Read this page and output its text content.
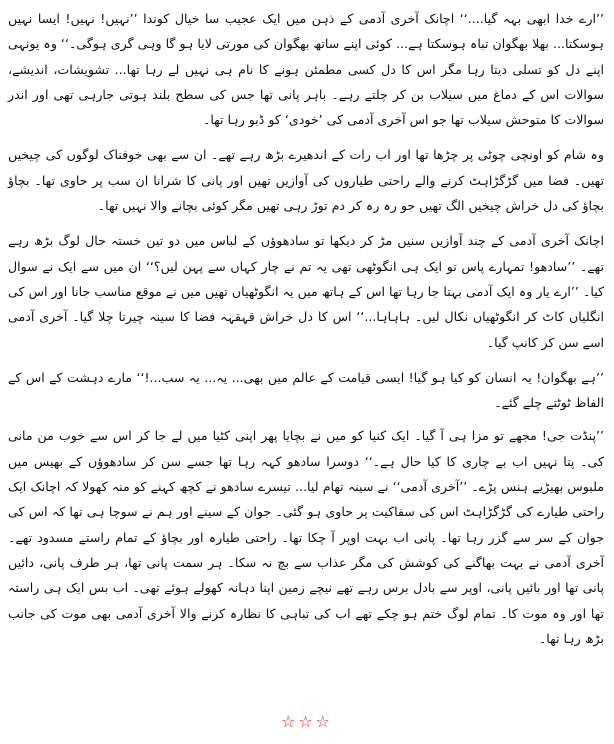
’’ارے خدا ابھی بہہ گیا....‘‘ اچانک آخری آدمی کے ذہن میں ایک عجیب سا خیال کوندا ’’نہیں! نہیں! ایسا نہیں ہوسکتا... بھلا بھگوان تباہ ہوسکتا ہے... کوئی اپنے ساتھ بھگوان کی مورتی لایا ہو گا وہی گری ہوگی۔‘‘ وہ یونہی اپنے دل کو تسلی دیتا رہا مگر اس کا دل کسی مطمئن ہونے کا نام ہی نہیں لے رہا تھا... تشویشات، اندیشے، سوالات اس کے دماغ میں سیلاب بن کر چلتے رہے۔ باہر پانی تھا جس کی سطح بلند ہوتی جارہی تھی اور اندر سوالات کا متوحش سیلاب تھا جو اس آخری آدمی کی ’خودی‘ کو ڈبو رہا تھا۔

وہ شام کو اونچی چوٹی پر چڑھا تھا اور اب رات کے اندھیرے بڑھ رہے تھے۔ ان سے بھی خوفناک لوگوں کی چیخیں تھیں۔ فضا میں گڑگڑاہٹ کرنے والے راحتی طیاروں کی آوازیں تھیں اور پانی کا شرانا ان سب پر حاوی تھا۔ بچاؤ بچاؤ کی دل خراش چیخیں الگ تھیں جو رہ رہ کر دم توڑ رہی تھیں مگر کوئی بچانے والا نہیں تھا۔

اچانک آخری آدمی کے چند آوازیں سنیں مڑ کر دیکھا تو سادھوؤں کے لباس میں دو تین خستہ حال لوگ بڑھ رہے تھے۔ ’’سادھو! تمہارے پاس تو ایک ہی انگوٹھی تھی یہ تم نے چار کہاں سے پہن لیں؟‘‘ ان میں سے ایک نے سوال کیا۔ ’’ارے یار وہ ایک آدمی بہتا جا رہا تھا اس کے ہاتھ میں یہ انگوٹھیاں تھیں میں نے موقع مناسب جانا اور اس کی انگلیاں کاٹ کر انگوٹھیاں نکال لیں۔ ہاہاہا...‘‘ اس کا دل خراش قہقہہ فضا کا سینہ چیرتا چلا گیا۔ آخری آدمی اسے سن کر کانپ گیا۔

’’ہے بھگوان! یہ انسان کو کیا ہو گیا! ایسی قیامت کے عالم میں بھی... یہ... یہ سب...!‘‘ مارے دہشت کے اس کے الفاظ ٹوٹتے چلے گئے۔

’’پنڈت جی! مجھے تو مزا ہی آ گیا۔ ایک کنیا کو میں نے بچایا پھر اپنی کٹیا میں لے جا کر اس سے خوب من مانی کی۔ پتا نہیں اب بے چاری کا کیا حال ہے۔‘‘ دوسرا سادھو کہہ رہا تھا جسے سن کر سادھوؤں کے بھیس میں ملبوس بھیڑیے ہنس پڑے۔ ’’آخری آدمی‘‘ نے سینہ تھام لیا... تیسرے سادھو نے کچھ کہنے کو منہ کھولا کہ اچانک ایک راحتی طیارے کی گڑگڑاہٹ اس کی سفاکیت پر حاوی ہو گئی۔ جوان کے سینے اور ہم نے سوچا ہی تھا کہ اس کی جوان کے سر سے گزر رہا تھا۔ پانی اب بہت اوپر آ چکا تھا۔ راحتی طیارہ اور بچاؤ کے تمام راستے مسدود تھے۔ آخری آدمی نے بہت بھاگنے کی کوشش کی مگر عذاب سے بچ نہ سکا۔ ہر سمت پانی تھا، ہر طرف پانی، دائیں پانی تھا اور بائیں پانی، اوپر سے بادل برس رہے تھے نیچے زمین اپنا دہانہ کھولے ہوئے تھی۔ اب بس ایک ہی راستہ تھا اور وہ موت کا۔ تمام لوگ ختم ہو چکے تھے اب کی تباہی کا نظارہ کرنے والا آخری آدمی بھی موت کی جانب بڑھ رہا تھا۔

☆☆☆
